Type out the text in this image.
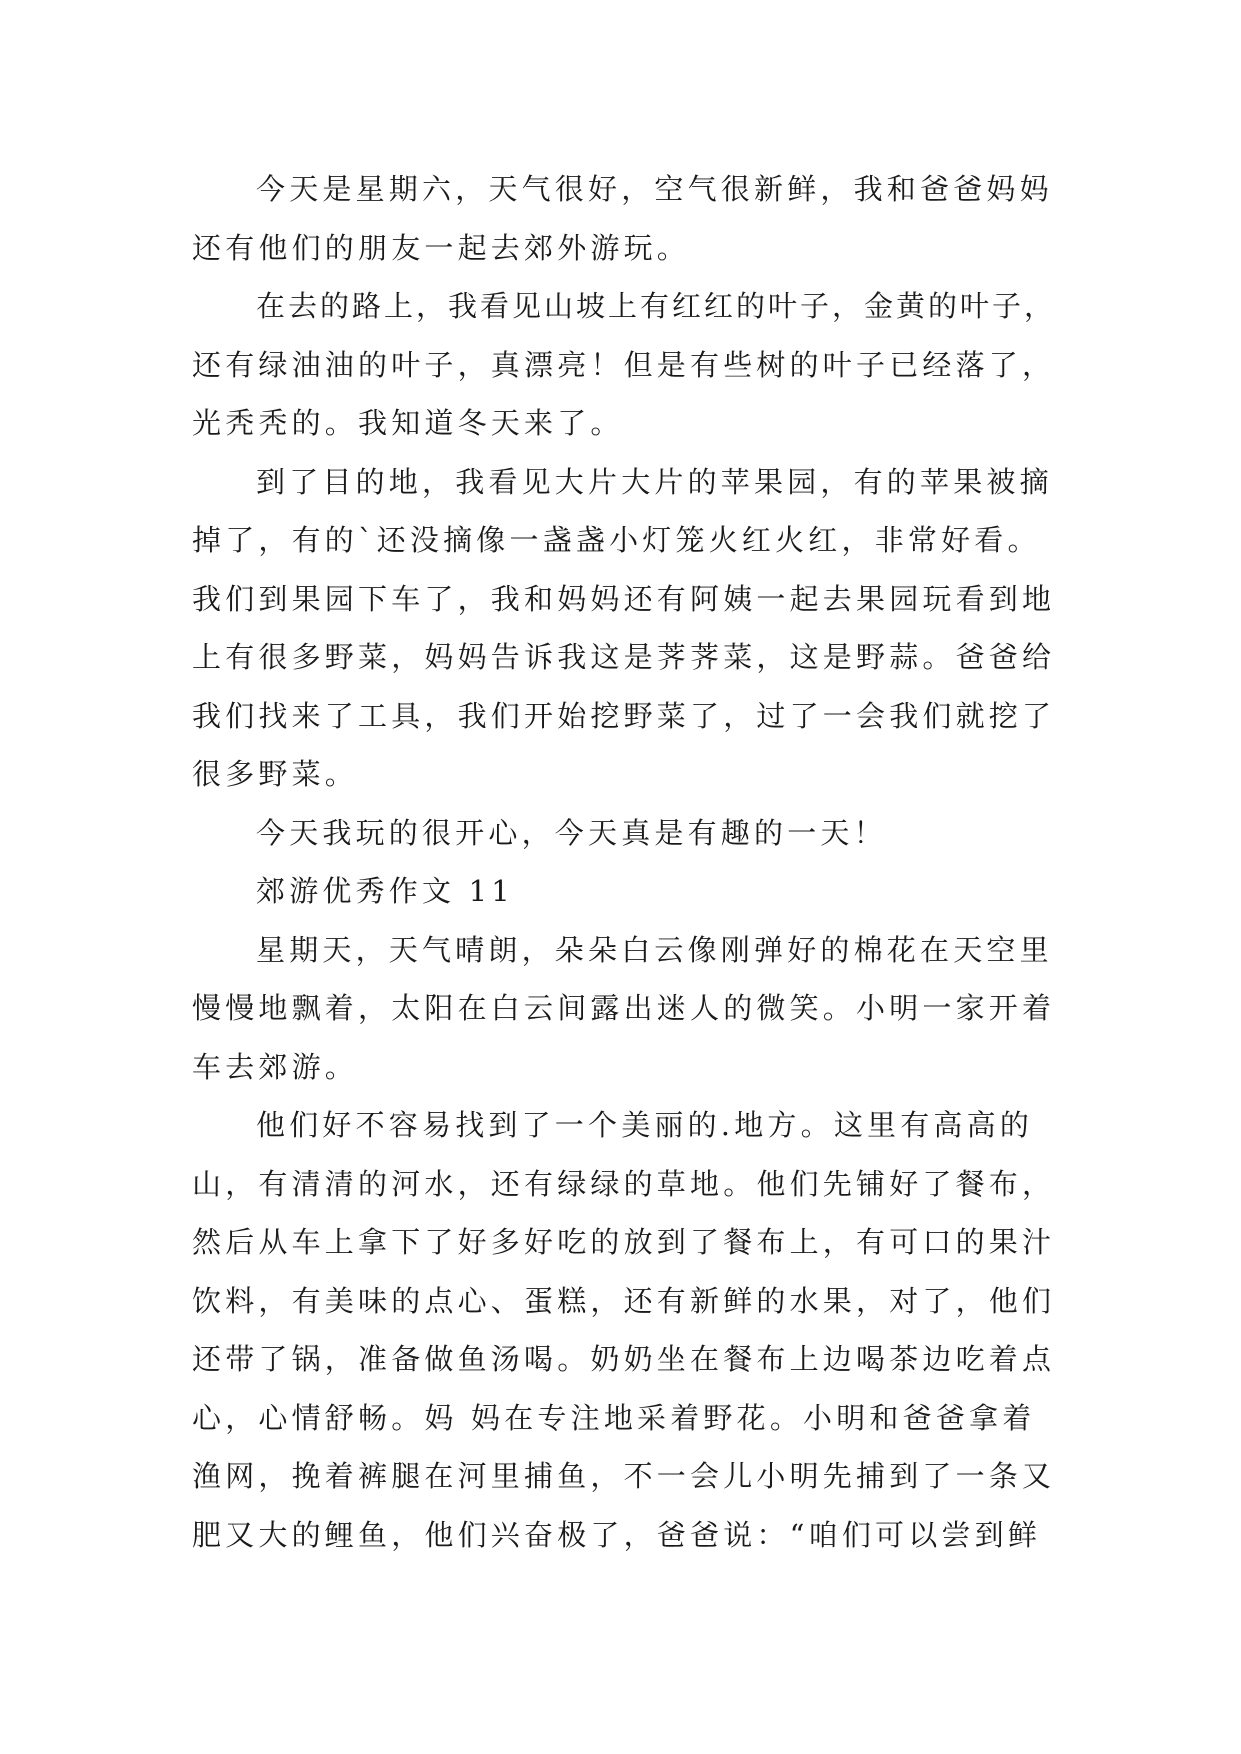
今天是星期六，天气很好，空气很新鲜，我和爸爸妈妈
还有他们的朋友一起去郊外游玩。
在去的路上，我看见山坡上有红红的叶子，金黄的叶子，
还有绿油油的叶子，真漂亮！但是有些树的叶子已经落了，
光秃秃的。我知道冬天来了。
到了目的地，我看见大片大片的苹果园，有的苹果被摘
掉了，有的`还没摘像一盏盏小灯笼火红火红，非常好看。
我们到果园下车了，我和妈妈还有阿姨一起去果园玩看到地
上有很多野菜，妈妈告诉我这是荠荠菜，这是野蒜。爸爸给
我们找来了工具，我们开始挖野菜了，过了一会我们就挖了
很多野菜。
今天我玩的很开心，今天真是有趣的一天！
郊游优秀作文 11
星期天，天气晴朗，朵朵白云像刚弹好的棉花在天空里
慢慢地飘着，太阳在白云间露出迷人的微笑。小明一家开着
车去郊游。
他们好不容易找到了一个美丽的.地方。这里有高高的
山，有清清的河水，还有绿绿的草地。他们先铺好了餐布，
然后从车上拿下了好多好吃的放到了餐布上，有可口的果汁
饮料，有美味的点心、蛋糕，还有新鲜的水果，对了，他们
还带了锅，准备做鱼汤喝。奶奶坐在餐布上边喝茶边吃着点
心，心情舒畅。妈 妈在专注地采着野花。小明和爸爸拿着
渔网，挽着裤腿在河里捕鱼，不一会儿小明先捕到了一条又
肥又大的鲤鱼，他们兴奋极了，爸爸说：“咱们可以尝到鲜
